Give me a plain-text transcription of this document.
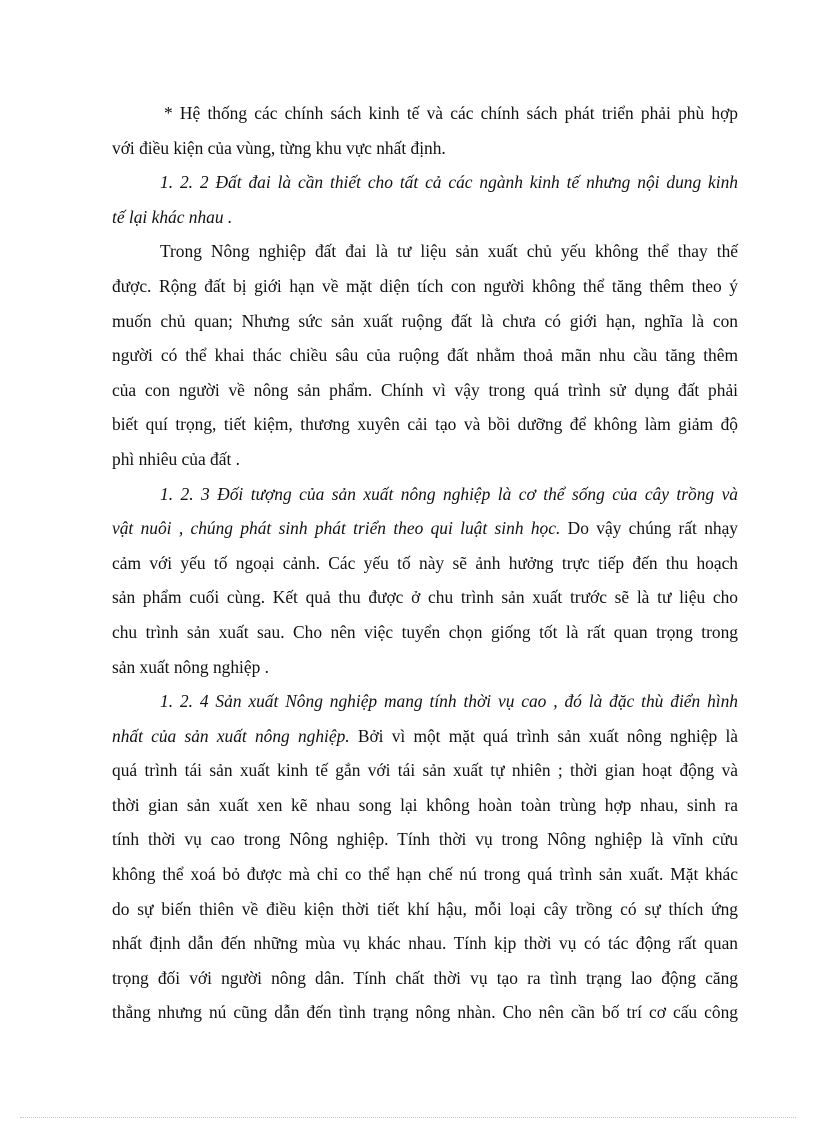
* Hệ thống các chính sách kinh tế và các chính sách phát triển phải phù hợp
với điều kiện của vùng, từng khu vực nhất định.
1. 2. 2 Đất đai là cần thiết cho tất cả các ngành kinh tế nhưng nội dung kinh
tế lại khác nhau .
Trong Nông nghiệp đất đai là tư liệu sản xuất chủ yếu không thể thay thế
được. Rộng đất bị giới hạn về mặt diện tích con người không thể tăng thêm theo ý
muốn chủ quan; Nhưng sức sản xuất ruộng đất là chưa có giới hạn, nghĩa là con
người có thể khai thác chiều sâu của ruộng đất nhằm thoả mãn nhu cầu tăng thêm
của con người về nông sản phẩm. Chính vì vậy trong quá trình sử dụng đất phải
biết quí trọng, tiết kiệm, thương xuyên cải tạo và bồi dưỡng để không làm giảm độ
phì nhiêu của đất .
1. 2. 3 Đối tượng của sản xuất nông nghiệp là cơ thể sống của cây trồng và
vật nuôi , chúng phát sinh phát triển theo qui luật sinh học. Do vậy chúng rất nhạy
cảm với yếu tố ngoại cảnh. Các yếu tố này sẽ ảnh hưởng trực tiếp đến thu hoạch
sản phẩm cuối cùng. Kết quả thu được ở chu trình sản xuất trước sẽ là tư liệu cho
chu trình sản xuất sau. Cho nên việc tuyển chọn giống tốt là rất quan trọng trong
sản xuất nông nghiệp .
1. 2. 4 Sản xuất Nông nghiệp mang tính thời vụ cao , đó là đặc thù điển hình
nhất của sản xuất nông nghiệp. Bởi vì một mặt quá trình sản xuất nông nghiệp là
quá trình tái sản xuất kinh tế gắn với tái sản xuất tự nhiên ; thời gian hoạt động và
thời gian sản xuất xen kẽ nhau song lại không hoàn toàn trùng hợp nhau, sinh ra
tính thời vụ cao trong Nông nghiệp. Tính thời vụ trong Nông nghiệp là vĩnh cửu
không thể xoá bỏ được mà chỉ co thể hạn chế nú trong quá trình sản xuất. Mặt khác
do sự biến thiên về điều kiện thời tiết khí hậu, mỗi loại cây trồng có sự thích ứng
nhất định dẫn đến những mùa vụ khác nhau. Tính kịp thời vụ có tác động rất quan
trọng đối với người nông dân. Tính chất thời vụ tạo ra tình trạng lao động căng
thẳng nhưng nú cũng dẫn đến tình trạng nông nhàn. Cho nên cần bố trí cơ cấu công
